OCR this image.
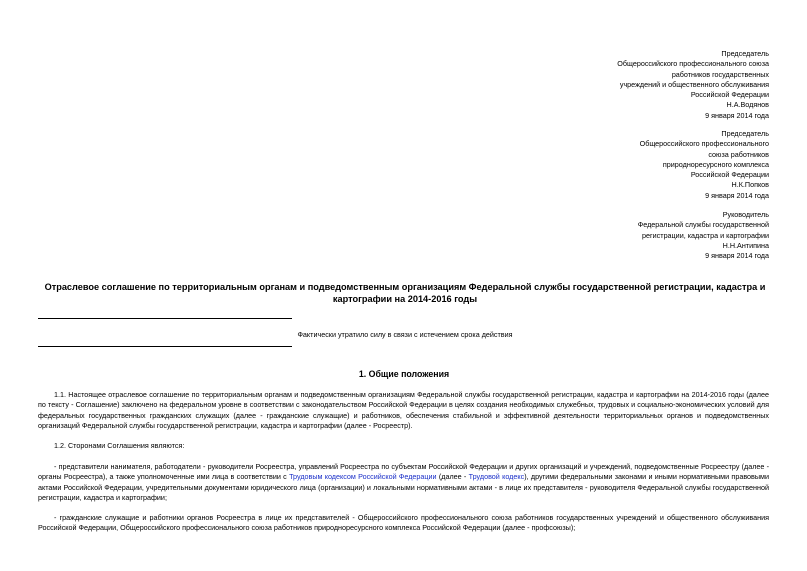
Председатель
Общероссийского профессионального союза
работников государственных
учреждений и общественного обслуживания
Российской Федерации
Н.А.Водянов
9 января 2014 года
Председатель
Общероссийского профессионального
союза работников
природноресурсного комплекса
Российской Федерации
Н.К.Попков
9 января 2014 года
Руководитель
Федеральной службы государственной
регистрации, кадастра и картографии
Н.Н.Антипина
9 января 2014 года
Отраслевое соглашение по территориальным органам и подведомственным организациям Федеральной службы государственной регистрации, кадастра и картографии на 2014-2016 годы
Фактически утратило силу в связи с истечением срока действия
1. Общие положения
1.1. Настоящее отраслевое соглашение по территориальным органам и подведомственным организациям Федеральной службы государственной регистрации, кадастра и картографии на 2014-2016 годы (далее по тексту - Соглашение) заключено на федеральном уровне в соответствии с законодательством Российской Федерации в целях создания необходимых служебных, трудовых и социально-экономических условий для федеральных государственных гражданских служащих (далее - гражданские служащие) и работников, обеспечения стабильной и эффективной деятельности территориальных органов и подведомственных организаций Федеральной службы государственной регистрации, кадастра и картографии (далее - Росреестр).
1.2. Сторонами Соглашения являются:
- представители нанимателя, работодатели - руководители Росреестра, управлений Росреестра по субъектам Российской Федерации и других организаций и учреждений, подведомственные Росреестру (далее - органы Росреестра), а также уполномоченные ими лица в соответствии с Трудовым кодексом Российской Федерации (далее - Трудовой кодекс), другими федеральными законами и иными нормативными правовыми актами Российской Федерации, учредительными документами юридического лица (организации) и локальными нормативными актами - в лице их представителя - руководителя Федеральной службы государственной регистрации, кадастра и картографии;
- гражданские служащие и работники органов Росреестра в лице их представителей - Общероссийского профессионального союза работников государственных учреждений и общественного обслуживания Российской Федерации, Общероссийского профессионального союза работников природноресурсного комплекса Российской Федерации (далее - профсоюзы);
